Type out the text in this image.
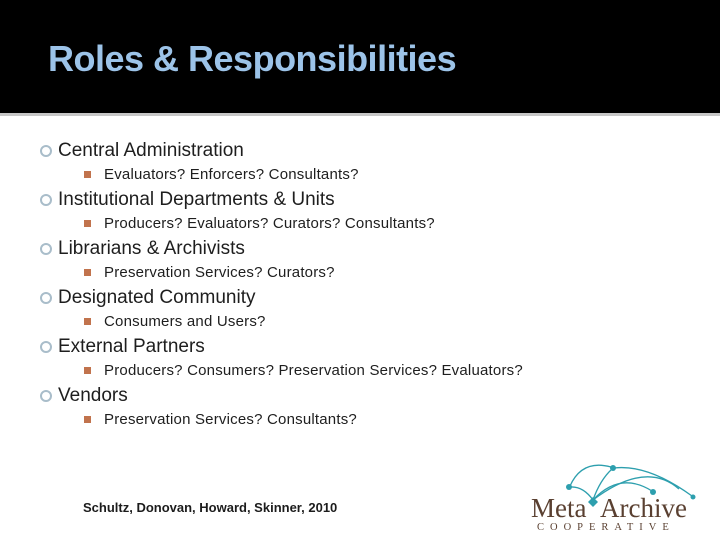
Roles & Responsibilities
Central Administration
Evaluators? Enforcers? Consultants?
Institutional Departments & Units
Producers? Evaluators? Curators? Consultants?
Librarians & Archivists
Preservation Services? Curators?
Designated Community
Consumers and Users?
External Partners
Producers? Consumers? Preservation Services? Evaluators?
Vendors
Preservation Services? Consultants?
Schultz, Donovan, Howard, Skinner, 2010	Meta Archive
COOPERATIVE
